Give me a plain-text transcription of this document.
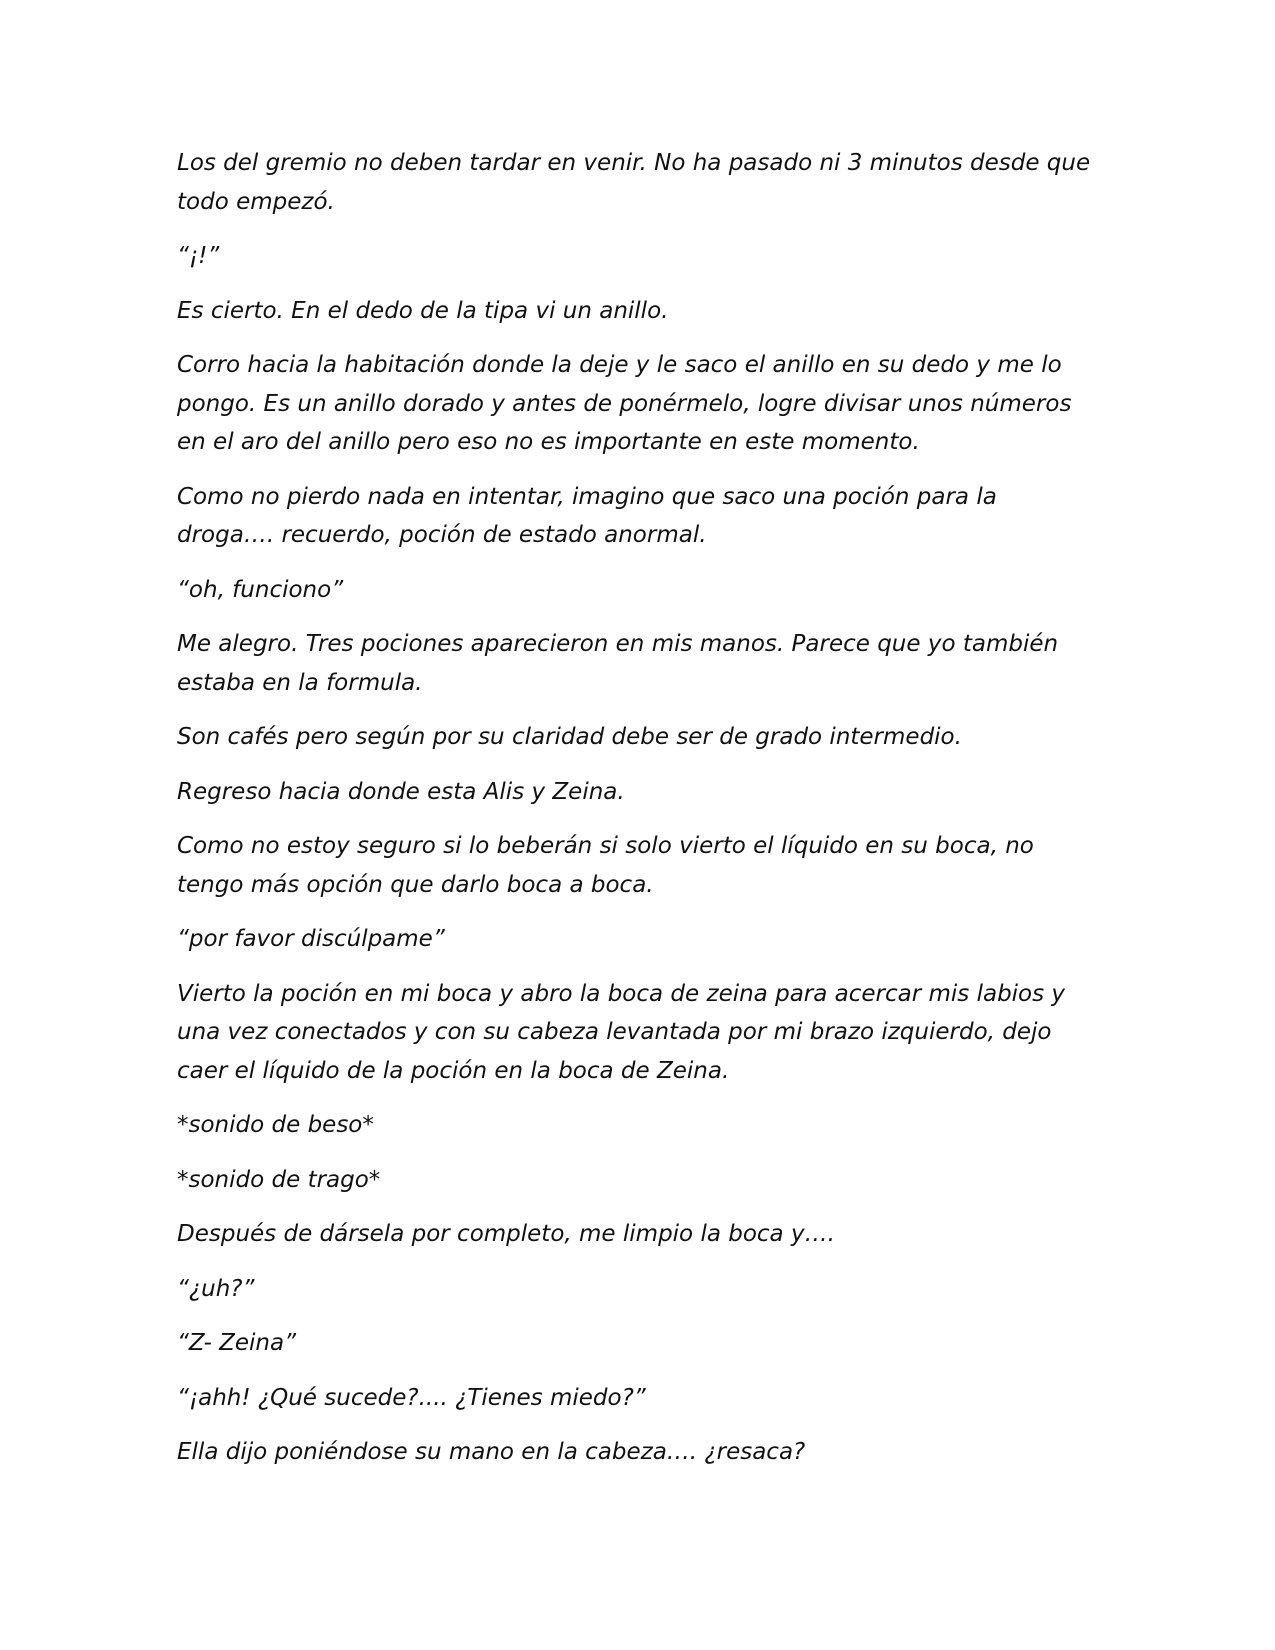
Los del gremio no deben tardar en venir. No ha pasado ni 3 minutos desde que todo empezó.

“¡!”

Es cierto. En el dedo de la tipa vi un anillo.

Corro hacia la habitación donde la deje y le saco el anillo en su dedo y me lo pongo. Es un anillo dorado y antes de ponérmelo, logre divisar unos números en el aro del anillo pero eso no es importante en este momento.

Como no pierdo nada en intentar, imagino que saco una poción para la droga…. recuerdo, poción de estado anormal.

“oh, funciono”

Me alegro. Tres pociones aparecieron en mis manos. Parece que yo también estaba en la formula.

Son cafés pero según por su claridad debe ser de grado intermedio.

Regreso hacia donde esta Alis y Zeina.

Como no estoy seguro si lo beberán si solo vierto el líquido en su boca, no tengo más opción que darlo boca a boca.

“por favor discúlpame”

Vierto la poción en mi boca y abro la boca de zeina para acercar mis labios y una vez conectados y con su cabeza levantada por mi brazo izquierdo, dejo caer el líquido de la poción en la boca de Zeina.

*sonido de beso*

*sonido de trago*

Después de dársela por completo, me limpio la boca y….

“¿uh?”

“Z- Zeina”

“¡ahh! ¿Qué sucede?.... ¿Tienes miedo?”

Ella dijo poniéndose su mano en la cabeza…. ¿resaca?
